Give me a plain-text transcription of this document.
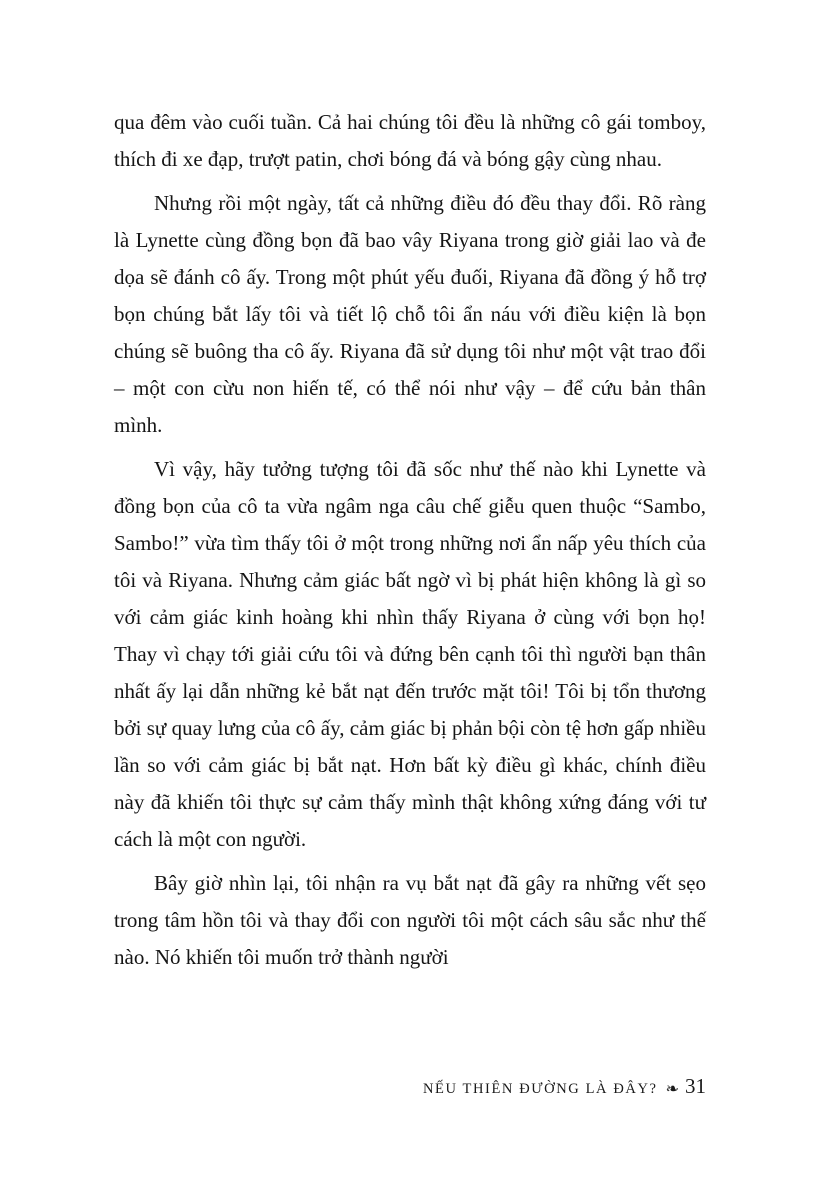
qua đêm vào cuối tuần. Cả hai chúng tôi đều là những cô gái tomboy, thích đi xe đạp, trượt patin, chơi bóng đá và bóng gậy cùng nhau.

Nhưng rồi một ngày, tất cả những điều đó đều thay đổi. Rõ ràng là Lynette cùng đồng bọn đã bao vây Riyana trong giờ giải lao và đe dọa sẽ đánh cô ấy. Trong một phút yếu đuối, Riyana đã đồng ý hỗ trợ bọn chúng bắt lấy tôi và tiết lộ chỗ tôi ẩn náu với điều kiện là bọn chúng sẽ buông tha cô ấy. Riyana đã sử dụng tôi như một vật trao đổi – một con cừu non hiến tế, có thể nói như vậy – để cứu bản thân mình.

Vì vậy, hãy tưởng tượng tôi đã sốc như thế nào khi Lynette và đồng bọn của cô ta vừa ngâm nga câu chế giễu quen thuộc “Sambo, Sambo!” vừa tìm thấy tôi ở một trong những nơi ẩn nấp yêu thích của tôi và Riyana. Nhưng cảm giác bất ngờ vì bị phát hiện không là gì so với cảm giác kinh hoàng khi nhìn thấy Riyana ở cùng với bọn họ! Thay vì chạy tới giải cứu tôi và đứng bên cạnh tôi thì người bạn thân nhất ấy lại dẫn những kẻ bắt nạt đến trước mặt tôi! Tôi bị tổn thương bởi sự quay lưng của cô ấy, cảm giác bị phản bội còn tệ hơn gấp nhiều lần so với cảm giác bị bắt nạt. Hơn bất kỳ điều gì khác, chính điều này đã khiến tôi thực sự cảm thấy mình thật không xứng đáng với tư cách là một con người.

Bây giờ nhìn lại, tôi nhận ra vụ bắt nạt đã gây ra những vết sẹo trong tâm hồn tôi và thay đổi con người tôi một cách sâu sắc như thế nào. Nó khiến tôi muốn trở thành người

NẾU THIÊN ĐƯỜNG LÀ ĐÂY? ❧ 31
